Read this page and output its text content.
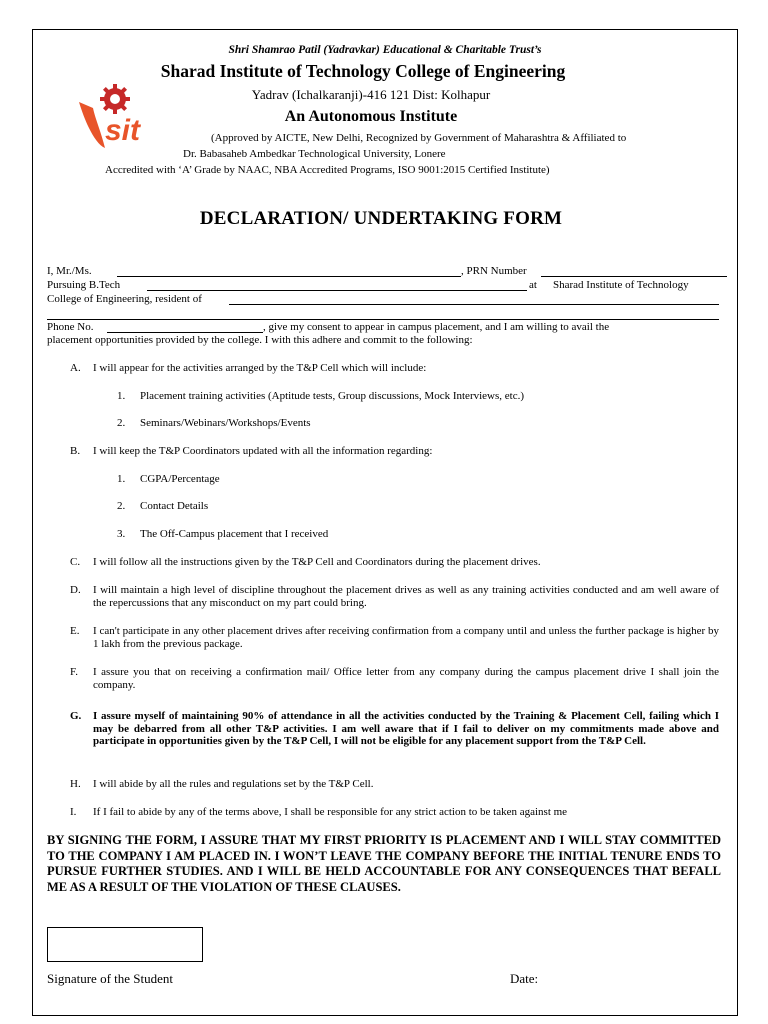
sit
Shri Shamrao Patil (Yadravkar) Educational & Charitable Trust’s
Sharad Institute of Technology College of Engineering
Yadrav (Ichalkaranji)-416 121 Dist: Kolhapur
An Autonomous Institute
(Approved by AICTE, New Delhi, Recognized by Government of Maharashtra & Affiliated to
Dr. Babasaheb Ambedkar Technological University, Lonere
Accredited with ‘A’ Grade by NAAC, NBA Accredited Programs, ISO 9001:2015 Certified Institute)
DECLARATION/ UNDERTAKING FORM
I, Mr./Ms.	, PRN Number
Pursuing B.Tech	at Sharad Institute of Technology
College of Engineering, resident of
Phone No.	, give my consent to appear in campus placement, and I am willing to avail the
placement opportunities provided by the college. I with this adhere and commit to the following:
A. I will appear for the activities arranged by the T&P Cell which will include:
1. Placement training activities (Aptitude tests, Group discussions, Mock Interviews, etc.)
2. Seminars/Webinars/Workshops/Events
B. I will keep the T&P Coordinators updated with all the information regarding:
1. CGPA/Percentage
2. Contact Details
3. The Off-Campus placement that I received
C. I will follow all the instructions given by the T&P Cell and Coordinators during the placement drives.
D. I will maintain a high level of discipline throughout the placement drives as well as any training activities conducted and am well aware of the repercussions that any misconduct on my part could bring.
E. I can't participate in any other placement drives after receiving confirmation from a company until and unless the further package is higher by 1 lakh from the previous package.
F. I assure you that on receiving a confirmation mail/ Office letter from any company during the campus placement drive I shall join the company.
G. I assure myself of maintaining 90% of attendance in all the activities conducted by the Training & Placement Cell, failing which I may be debarred from all other T&P activities. I am well aware that if I fail to deliver on my commitments made above and participate in opportunities given by the T&P Cell, I will not be eligible for any placement support from the T&P Cell.
H. I will abide by all the rules and regulations set by the T&P Cell.
I. If I fail to abide by any of the terms above, I shall be responsible for any strict action to be taken against me
BY SIGNING THE FORM, I ASSURE THAT MY FIRST PRIORITY IS PLACEMENT AND I WILL STAY COMMITTED TO THE COMPANY I AM PLACED IN. I WON’T LEAVE THE COMPANY BEFORE THE INITIAL TENURE ENDS TO PURSUE FURTHER STUDIES. AND I WILL BE HELD ACCOUNTABLE FOR ANY CONSEQUENCES THAT BEFALL ME AS A RESULT OF THE VIOLATION OF THESE CLAUSES.
Signature of the Student	Date:
